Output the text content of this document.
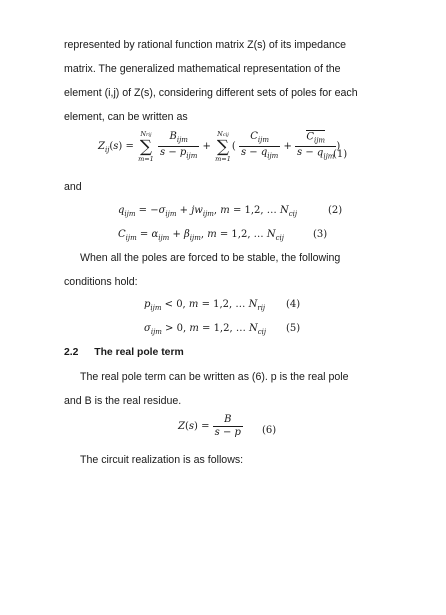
represented by rational function matrix Z(s) of its impedance
matrix. The generalized mathematical representation of the
element (i,j) of Z(s), considering different sets of poles for each
element, can be written as
$Z_{ij}(s)$ =
Nrij
∑
m=1
$\frac{B_{ijm}}{s - p_{ijm}}$ +
Ncij
∑
m=1
( $\frac{C_{ijm}}{s - q_{ijm}} + \frac{C_{ijm}}{s - q_{ijm}}$ )
(1)
and
$q_{ijm} = -\sigma_{ijm} + jw_{ijm}$, m = 1,2, … $N_{cij}$	(2)
$C_{ijm} = \alpha_{ijm} + \beta_{ijm}$, m = 1,2, … $N_{cij}$	(3)
When all the poles are forced to be stable, the following
conditions hold:
$p_{ijm} < 0$, m = 1,2, … $N_{rij}$ (4)
$\sigma_{ijm} > 0$, m = 1,2, … $N_{cij}$ (5)
2.2 The real pole term
The real pole term can be written as (6). p is the real pole
and B is the real residue.
$Z(s) = \frac{B}{s - p} (6)$
The circuit realization is as follows:
